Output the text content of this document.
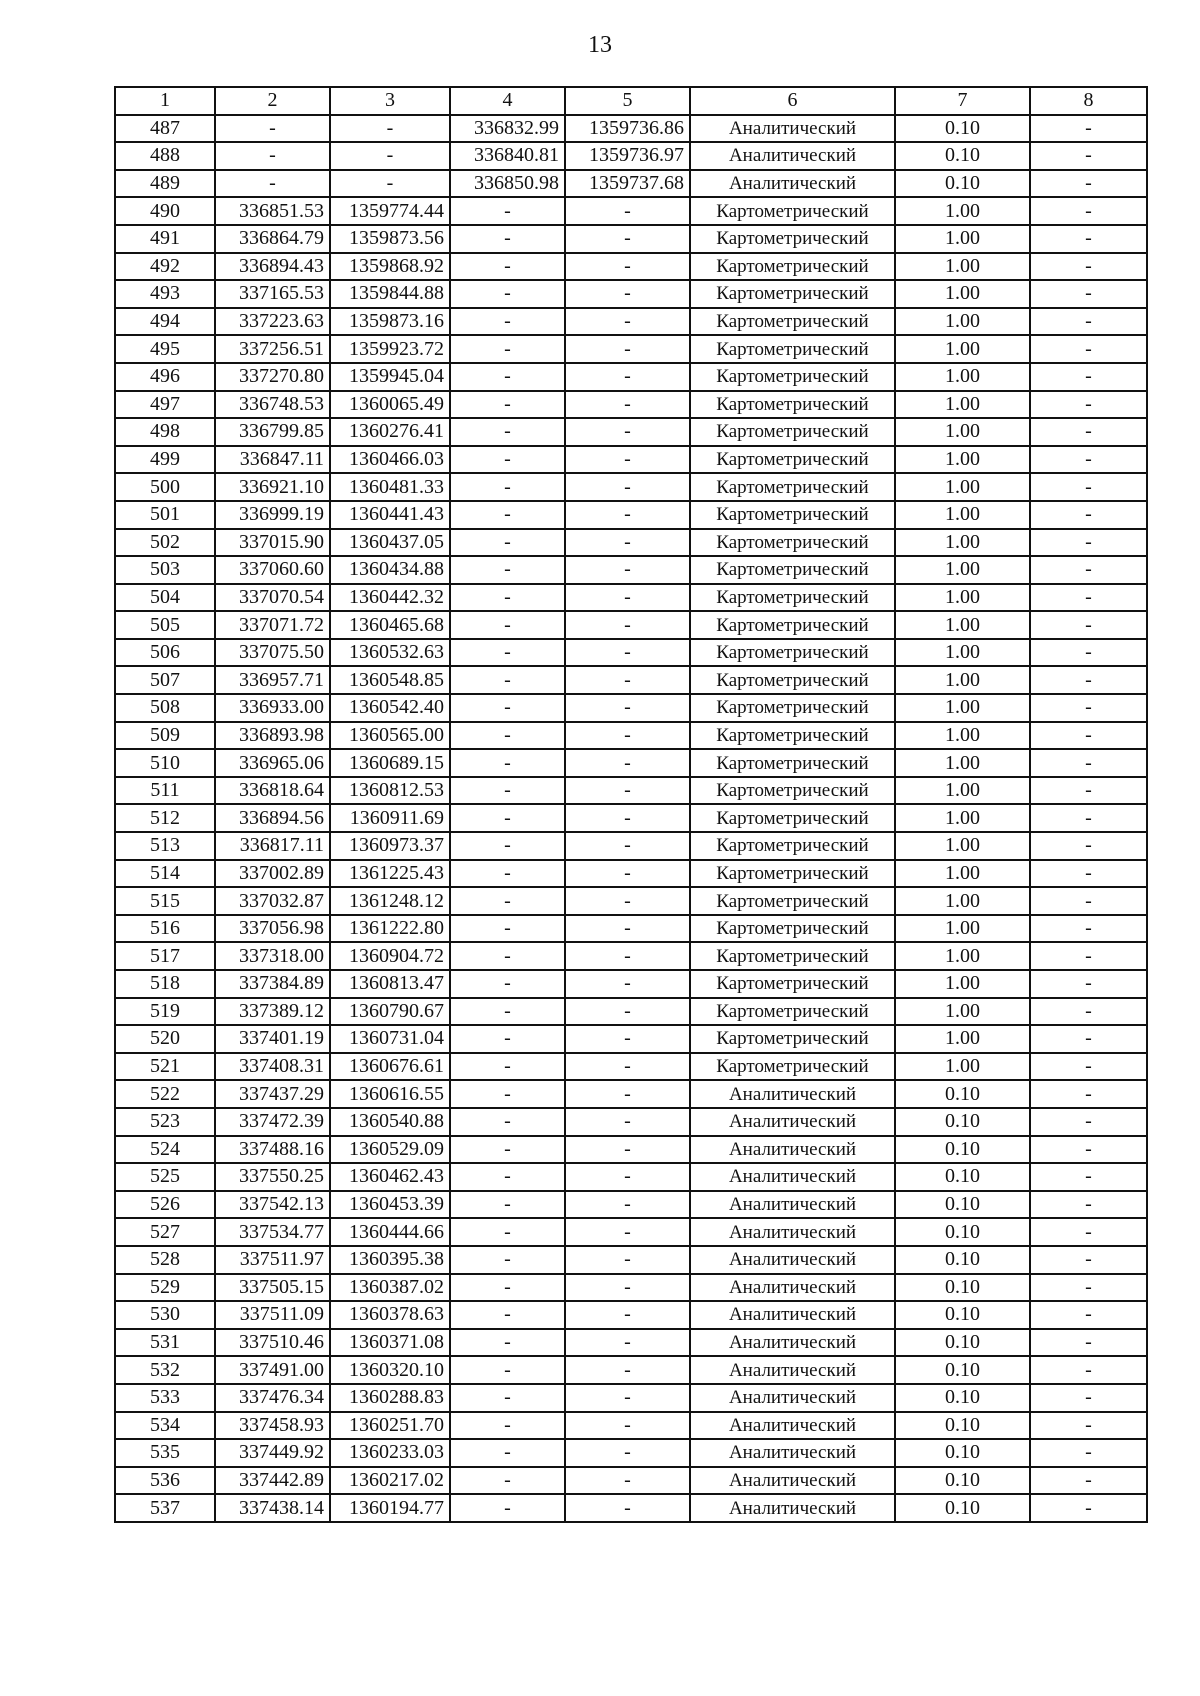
13
1	2	3	4	5	6	7	8
487	-	-	336832.99	1359736.86	Аналитический	0.10	-
488	-	-	336840.81	1359736.97	Аналитический	0.10	-
489	-	-	336850.98	1359737.68	Аналитический	0.10	-
490	336851.53	1359774.44	-	-	Картометрический	1.00	-
491	336864.79	1359873.56	-	-	Картометрический	1.00	-
492	336894.43	1359868.92	-	-	Картометрический	1.00	-
493	337165.53	1359844.88	-	-	Картометрический	1.00	-
494	337223.63	1359873.16	-	-	Картометрический	1.00	-
495	337256.51	1359923.72	-	-	Картометрический	1.00	-
496	337270.80	1359945.04	-	-	Картометрический	1.00	-
497	336748.53	1360065.49	-	-	Картометрический	1.00	-
498	336799.85	1360276.41	-	-	Картометрический	1.00	-
499	336847.11	1360466.03	-	-	Картометрический	1.00	-
500	336921.10	1360481.33	-	-	Картометрический	1.00	-
501	336999.19	1360441.43	-	-	Картометрический	1.00	-
502	337015.90	1360437.05	-	-	Картометрический	1.00	-
503	337060.60	1360434.88	-	-	Картометрический	1.00	-
504	337070.54	1360442.32	-	-	Картометрический	1.00	-
505	337071.72	1360465.68	-	-	Картометрический	1.00	-
506	337075.50	1360532.63	-	-	Картометрический	1.00	-
507	336957.71	1360548.85	-	-	Картометрический	1.00	-
508	336933.00	1360542.40	-	-	Картометрический	1.00	-
509	336893.98	1360565.00	-	-	Картометрический	1.00	-
510	336965.06	1360689.15	-	-	Картометрический	1.00	-
511	336818.64	1360812.53	-	-	Картометрический	1.00	-
512	336894.56	1360911.69	-	-	Картометрический	1.00	-
513	336817.11	1360973.37	-	-	Картометрический	1.00	-
514	337002.89	1361225.43	-	-	Картометрический	1.00	-
515	337032.87	1361248.12	-	-	Картометрический	1.00	-
516	337056.98	1361222.80	-	-	Картометрический	1.00	-
517	337318.00	1360904.72	-	-	Картометрический	1.00	-
518	337384.89	1360813.47	-	-	Картометрический	1.00	-
519	337389.12	1360790.67	-	-	Картометрический	1.00	-
520	337401.19	1360731.04	-	-	Картометрический	1.00	-
521	337408.31	1360676.61	-	-	Картометрический	1.00	-
522	337437.29	1360616.55	-	-	Аналитический	0.10	-
523	337472.39	1360540.88	-	-	Аналитический	0.10	-
524	337488.16	1360529.09	-	-	Аналитический	0.10	-
525	337550.25	1360462.43	-	-	Аналитический	0.10	-
526	337542.13	1360453.39	-	-	Аналитический	0.10	-
527	337534.77	1360444.66	-	-	Аналитический	0.10	-
528	337511.97	1360395.38	-	-	Аналитический	0.10	-
529	337505.15	1360387.02	-	-	Аналитический	0.10	-
530	337511.09	1360378.63	-	-	Аналитический	0.10	-
531	337510.46	1360371.08	-	-	Аналитический	0.10	-
532	337491.00	1360320.10	-	-	Аналитический	0.10	-
533	337476.34	1360288.83	-	-	Аналитический	0.10	-
534	337458.93	1360251.70	-	-	Аналитический	0.10	-
535	337449.92	1360233.03	-	-	Аналитический	0.10	-
536	337442.89	1360217.02	-	-	Аналитический	0.10	-
537	337438.14	1360194.77	-	-	Аналитический	0.10	-
